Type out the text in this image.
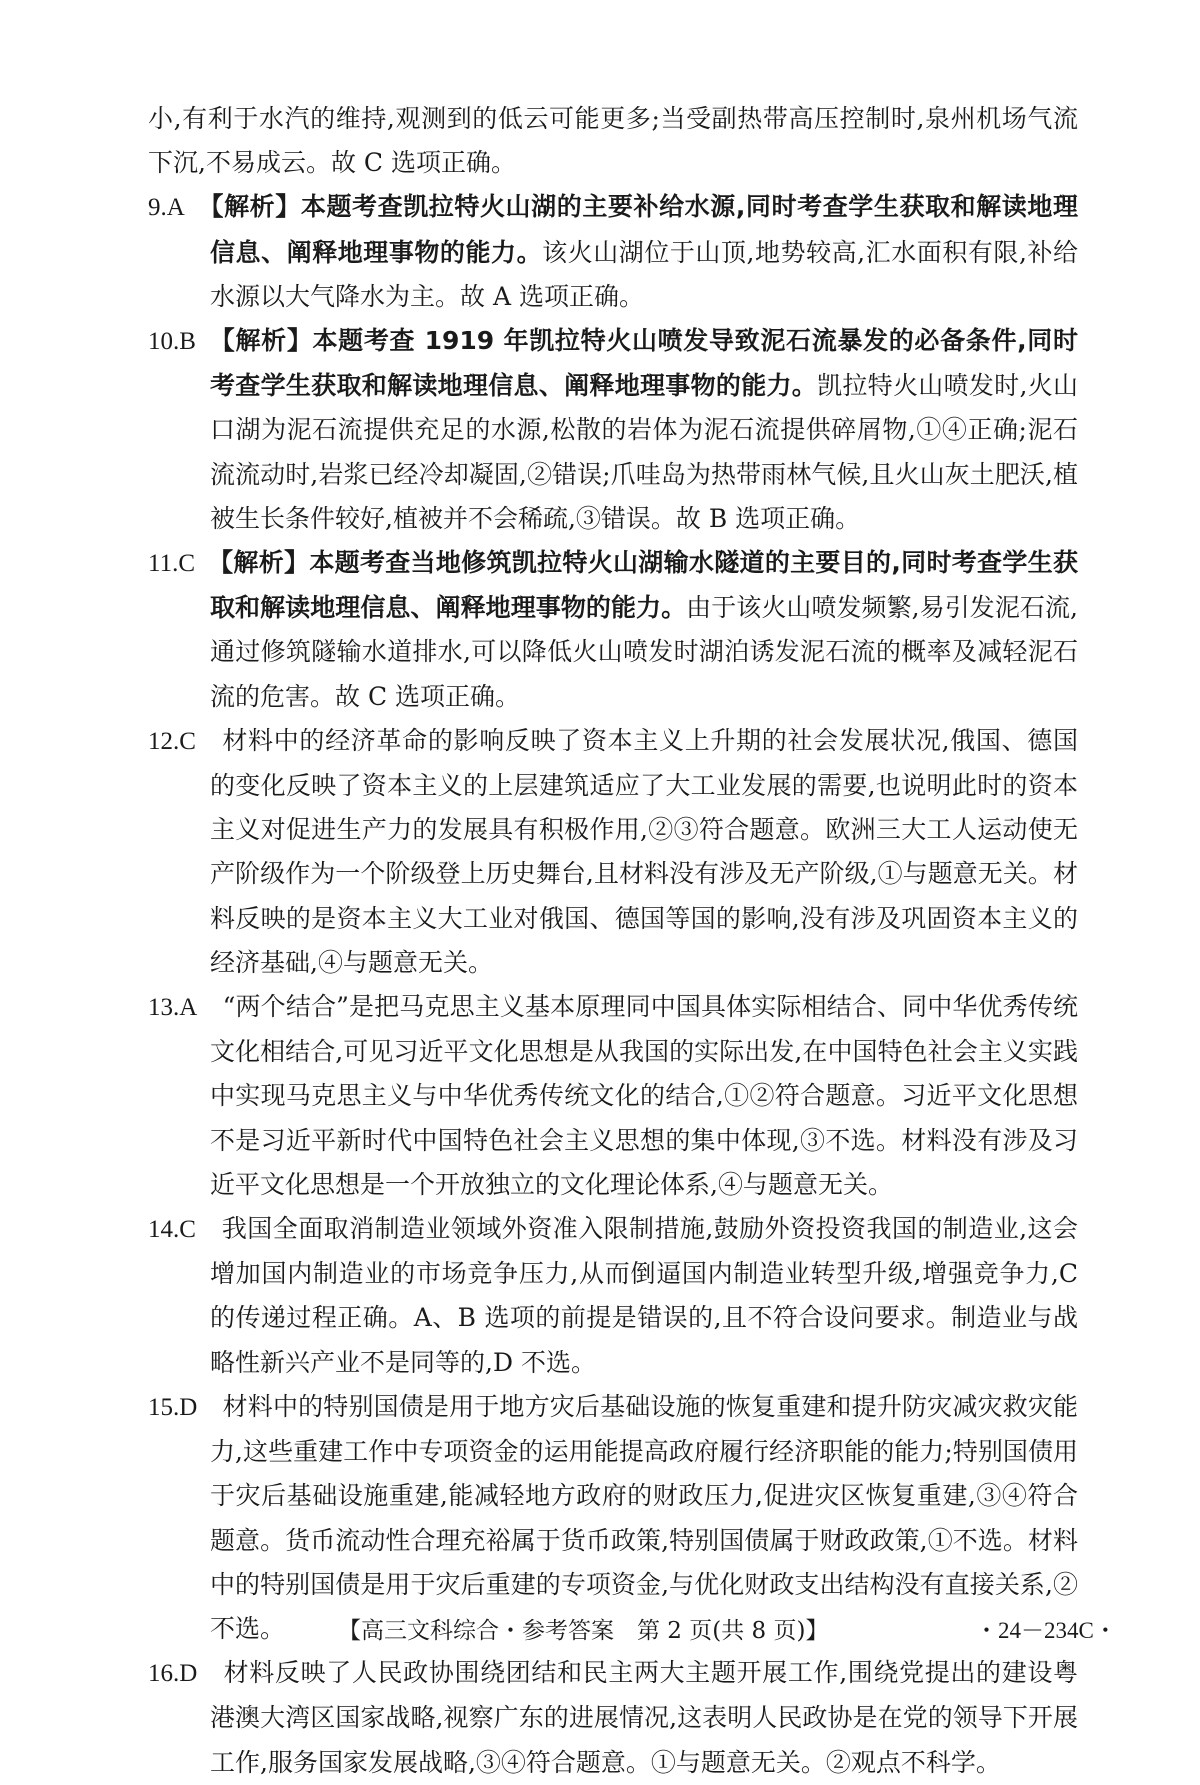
小,有利于水汽的维持,观测到的低云可能更多;当受副热带高压控制时,泉州机场气流下沉,不易成云。故 C 选项正确。

9.A　 【解析】本题考查凯拉特火山湖的主要补给水源,同时考查学生获取和解读地理信息、阐释地理事物的能力。该火山湖位于山顶,地势较高,汇水面积有限,补给水源以大气降水为主。故 A 选项正确。

10.B　 【解析】本题考查 1919 年凯拉特火山喷发导致泥石流暴发的必备条件,同时考查学生获取和解读地理信息、阐释地理事物的能力。凯拉特火山喷发时,火山口湖为泥石流提供充足的水源,松散的岩体为泥石流提供碎屑物,①④正确;泥石流流动时,岩浆已经冷却凝固,②错误;爪哇岛为热带雨林气候,且火山灰土肥沃,植被生长条件较好,植被并不会稀疏,③错误。故 B 选项正确。

11.C　 【解析】本题考查当地修筑凯拉特火山湖输水隧道的主要目的,同时考查学生获取和解读地理信息、阐释地理事物的能力。由于该火山喷发频繁,易引发泥石流,通过修筑隧输水道排水,可以降低火山喷发时湖泊诱发泥石流的概率及减轻泥石流的危害。故 C 选项正确。

12.C　 材料中的经济革命的影响反映了资本主义上升期的社会发展状况,俄国、德国的变化反映了资本主义的上层建筑适应了大工业发展的需要,也说明此时的资本主义对促进生产力的发展具有积极作用,②③符合题意。欧洲三大工人运动使无产阶级作为一个阶级登上历史舞台,且材料没有涉及无产阶级,①与题意无关。材料反映的是资本主义大工业对俄国、德国等国的影响,没有涉及巩固资本主义的经济基础,④与题意无关。

13.A　 “两个结合”是把马克思主义基本原理同中国具体实际相结合、同中华优秀传统文化相结合,可见习近平文化思想是从我国的实际出发,在中国特色社会主义实践中实现马克思主义与中华优秀传统文化的结合,①②符合题意。习近平文化思想不是习近平新时代中国特色社会主义思想的集中体现,③不选。材料没有涉及习近平文化思想是一个开放独立的文化理论体系,④与题意无关。

14.C　 我国全面取消制造业领域外资准入限制措施,鼓励外资投资我国的制造业,这会增加国内制造业的市场竞争压力,从而倒逼国内制造业转型升级,增强竞争力,C 的传递过程正确。A、B 选项的前提是错误的,且不符合设问要求。制造业与战略性新兴产业不是同等的,D 不选。

15.D　 材料中的特别国债是用于地方灾后基础设施的恢复重建和提升防灾减灾救灾能力,这些重建工作中专项资金的运用能提高政府履行经济职能的能力;特别国债用于灾后基础设施重建,能减轻地方政府的财政压力,促进灾区恢复重建,③④符合题意。货币流动性合理充裕属于货币政策,特别国债属于财政政策,①不选。材料中的特别国债是用于灾后重建的专项资金,与优化财政支出结构没有直接关系,②不选。

16.D　 材料反映了人民政协围绕团结和民主两大主题开展工作,围绕党提出的建设粤港澳大湾区国家战略,视察广东的进展情况,这表明人民政协是在党的领导下开展工作,服务国家发展战略,③④符合题意。①与题意无关。②观点不科学。

【高三文科综合・参考答案　第 2 页(共 8 页)】	・24－234C・
